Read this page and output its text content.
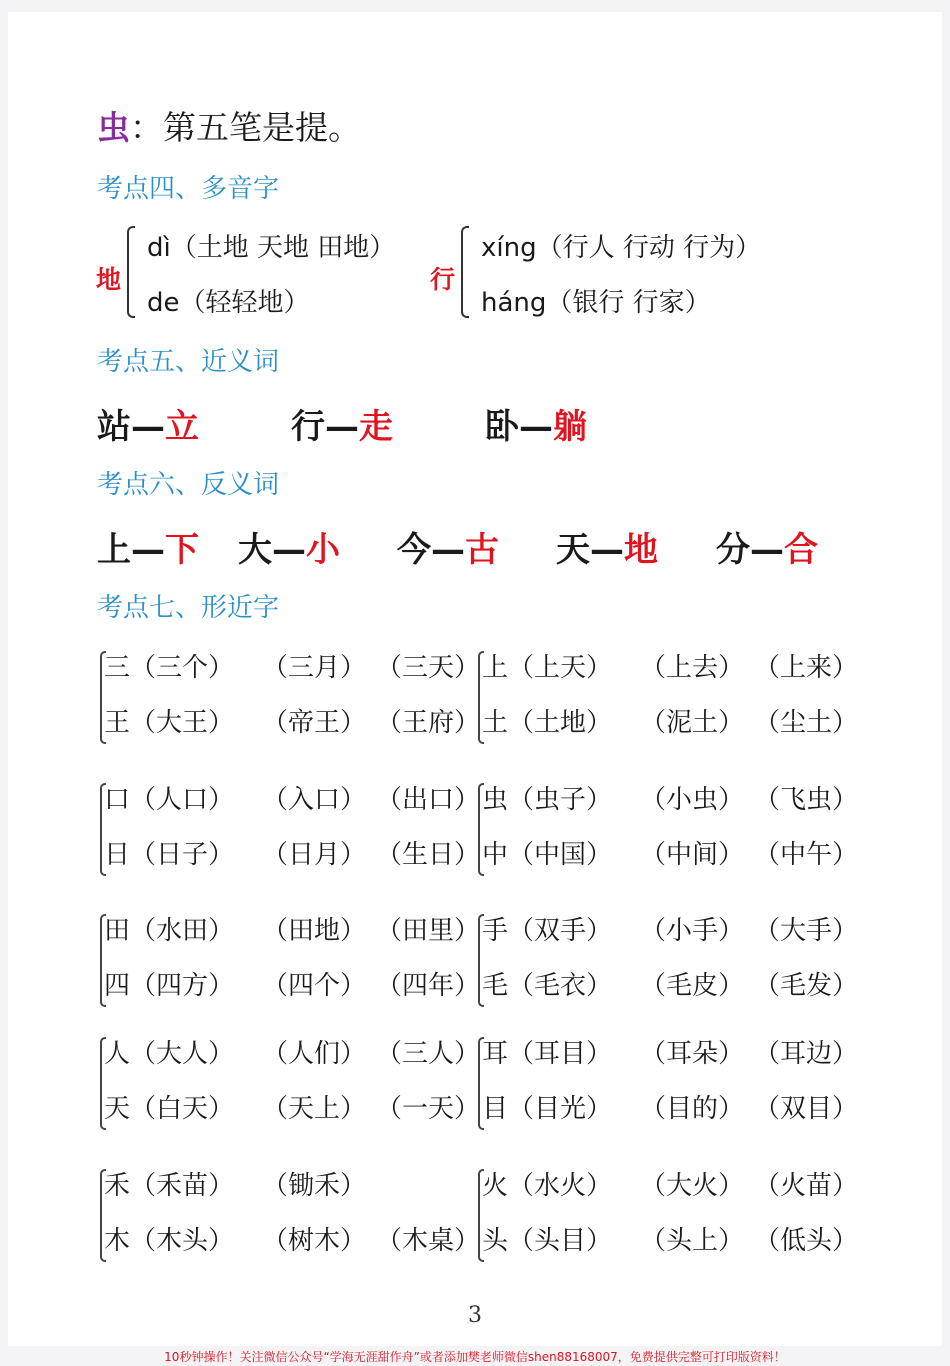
虫：第五笔是提。
考点四、多音字
地
dì（土地 天地 田地）
de（轻轻地）
行
xíng（行人 行动 行为）
háng（银行 行家）
考点五、近义词
站—立	行—走	卧—躺
考点六、反义词
上—下 大—小 今—古 天—地 分—合
考点七、形近字
三（三个） （三月） （三天）
王（大王） （帝王） （王府）
上（上天） （上去） （上来）
土（土地） （泥土） （尘土）
口（人口） （入口） （出口）
日（日子） （日月） （生日）
虫（虫子） （小虫） （飞虫）
中（中国） （中间） （中午）
田（水田） （田地） （田里）
四（四方） （四个） （四年）
手（双手） （小手） （大手）
毛（毛衣） （毛皮） （毛发）
人（大人） （人们） （三人）
天（白天） （天上） （一天）
耳（耳目） （耳朵） （耳边）
目（目光） （目的） （双目）
禾（禾苗） （锄禾）
木（木头） （树木） （木桌）
火（水火） （大火） （火苗）
头（头目） （头上） （低头）
3
10秒钟操作！关注微信公众号“学海无涯甜作舟”或者添加樊老师微信shen88168007，免费提供完整可打印版资料！
